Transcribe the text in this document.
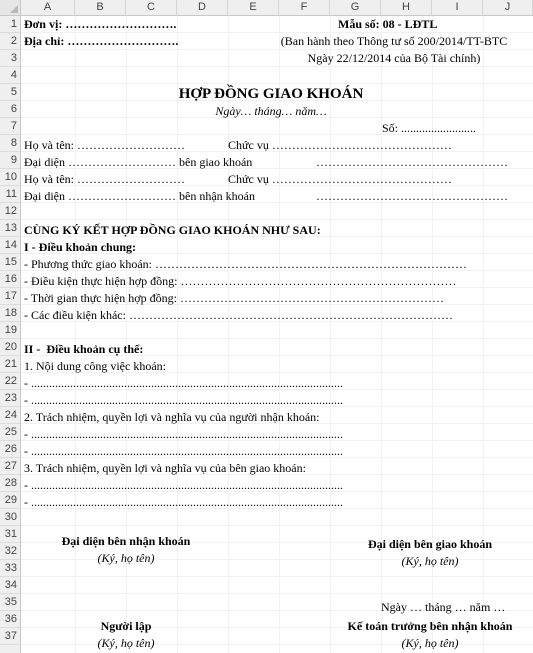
A	B	C	D	E	F	G	H	I	J
1
2
3
4
5
6
7
8
9
10
11
12
13
14
15
16
17
18
19
20
21
22
23
24
25
26
27
28
29
30
31
32
33
34
35
36
37
Đơn vị: ……………………….
Địa chỉ: ……………………….
Mẫu số: 08 - LĐTL
(Ban hành theo Thông tư số 200/2014/TT-BTC
Ngày 22/12/2014 của Bộ Tài chính)
HỢP ĐỒNG GIAO KHOÁN
Ngày… tháng… năm…
Số: .........................
Họ và tên: ………………………	Chức vụ ………………………………………
Đại diện ……………………… bên giao khoán	…………………………………………
Họ và tên: ………………………	Chức vụ ………………………………………
Đại diện ……………………… bên nhận khoán	…………………………………………
CÙNG KÝ KẾT HỢP ĐỒNG GIAO KHOÁN NHƯ SAU:
I - Điều khoản chung:
- Phương thức giao khoán: ……………………………………………………………………
- Điều kiện thực hiện hợp đồng: ……………………………………………………………
- Thời gian thực hiện hợp đồng: …………………………………………………………
- Các điều kiện khác: ………………………………………………………………………
II -  Điều khoản cụ thể:
1. Nội dung công việc khoán:
- ........................................................................................................
- ........................................................................................................
2. Trách nhiệm, quyền lợi và nghĩa vụ của người nhận khoán:
- ........................................................................................................
- ........................................................................................................
3. Trách nhiệm, quyền lợi và nghĩa vụ của bên giao khoán:
- ........................................................................................................
- ........................................................................................................
Đại diện bên nhận khoán
(Ký, họ tên)
Đại diện bên giao khoán
(Ký, họ tên)
Ngày … tháng … năm …
Người lập
(Ký, họ tên)
Kế toán trưởng bên nhận khoán
(Ký, họ tên)
